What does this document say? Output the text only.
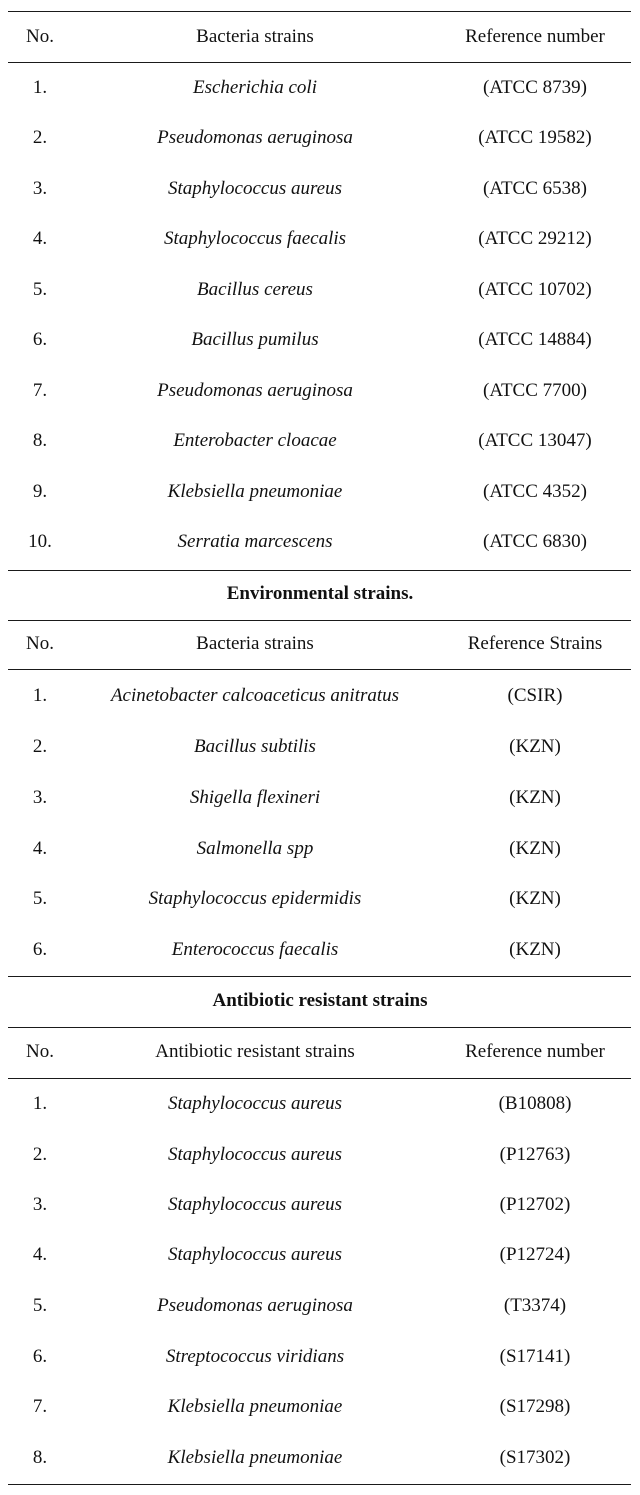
No.	Bacteria strains	Reference number
1.	Escherichia coli	(ATCC 8739)
2.	Pseudomonas aeruginosa	(ATCC 19582)
3.	Staphylococcus aureus	(ATCC 6538)
4.	Staphylococcus faecalis	(ATCC 29212)
5.	Bacillus cereus	(ATCC 10702)
6.	Bacillus pumilus	(ATCC 14884)
7.	Pseudomonas aeruginosa	(ATCC 7700)
8.	Enterobacter cloacae	(ATCC 13047)
9.	Klebsiella pneumoniae	(ATCC 4352)
10.	Serratia marcescens	(ATCC 6830)
Environmental strains.
No.	Bacteria strains	Reference Strains
1.	Acinetobacter calcoaceticus anitratus	(CSIR)
2.	Bacillus subtilis	(KZN)
3.	Shigella flexineri	(KZN)
4.	Salmonella spp	(KZN)
5.	Staphylococcus epidermidis	(KZN)
6.	Enterococcus faecalis	(KZN)
Antibiotic resistant strains
No.	Antibiotic resistant strains	Reference number
1.	Staphylococcus aureus	(B10808)
2.	Staphylococcus aureus	(P12763)
3.	Staphylococcus aureus	(P12702)
4.	Staphylococcus aureus	(P12724)
5.	Pseudomonas aeruginosa	(T3374)
6.	Streptococcus viridians	(S17141)
7.	Klebsiella pneumoniae	(S17298)
8.	Klebsiella pneumoniae	(S17302)
